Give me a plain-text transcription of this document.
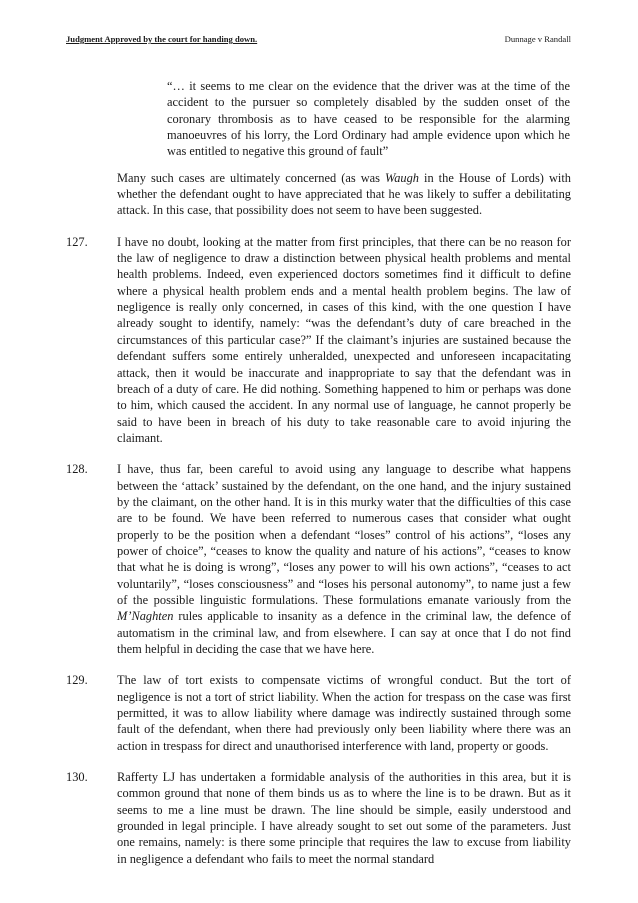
Judgment Approved by the court for handing down.	Dunnage v Randall
“… it seems to me clear on the evidence that the driver was at the time of the accident to the pursuer so completely disabled by the sudden onset of the coronary thrombosis as to have ceased to be responsible for the alarming manoeuvres of his lorry, the Lord Ordinary had ample evidence upon which he was entitled to negative this ground of fault”
Many such cases are ultimately concerned (as was Waugh in the House of Lords) with whether the defendant ought to have appreciated that he was likely to suffer a debilitating attack. In this case, that possibility does not seem to have been suggested.
127. I have no doubt, looking at the matter from first principles, that there can be no reason for the law of negligence to draw a distinction between physical health problems and mental health problems. Indeed, even experienced doctors sometimes find it difficult to define where a physical health problem ends and a mental health problem begins. The law of negligence is really only concerned, in cases of this kind, with the one question I have already sought to identify, namely: “was the defendant’s duty of care breached in the circumstances of this particular case?” If the claimant’s injuries are sustained because the defendant suffers some entirely unheralded, unexpected and unforeseen incapacitating attack, then it would be inaccurate and inappropriate to say that the defendant was in breach of a duty of care. He did nothing. Something happened to him or perhaps was done to him, which caused the accident. In any normal use of language, he cannot properly be said to have been in breach of his duty to take reasonable care to avoid injuring the claimant.
128. I have, thus far, been careful to avoid using any language to describe what happens between the ‘attack’ sustained by the defendant, on the one hand, and the injury sustained by the claimant, on the other hand. It is in this murky water that the difficulties of this case are to be found. We have been referred to numerous cases that consider what ought properly to be the position when a defendant “loses” control of his actions”, “loses any power of choice”, “ceases to know the quality and nature of his actions”, “ceases to know that what he is doing is wrong”, “loses any power to will his own actions”, “ceases to act voluntarily”, “loses consciousness” and “loses his personal autonomy”, to name just a few of the possible linguistic formulations. These formulations emanate variously from the M’Naghten rules applicable to insanity as a defence in the criminal law, the defence of automatism in the criminal law, and from elsewhere. I can say at once that I do not find them helpful in deciding the case that we have here.
129. The law of tort exists to compensate victims of wrongful conduct. But the tort of negligence is not a tort of strict liability. When the action for trespass on the case was first permitted, it was to allow liability where damage was indirectly sustained through some fault of the defendant, when there had previously only been liability where there was an action in trespass for direct and unauthorised interference with land, property or goods.
130. Rafferty LJ has undertaken a formidable analysis of the authorities in this area, but it is common ground that none of them binds us as to where the line is to be drawn. But as it seems to me a line must be drawn. The line should be simple, easily understood and grounded in legal principle. I have already sought to set out some of the parameters. Just one remains, namely: is there some principle that requires the law to excuse from liability in negligence a defendant who fails to meet the normal standard
